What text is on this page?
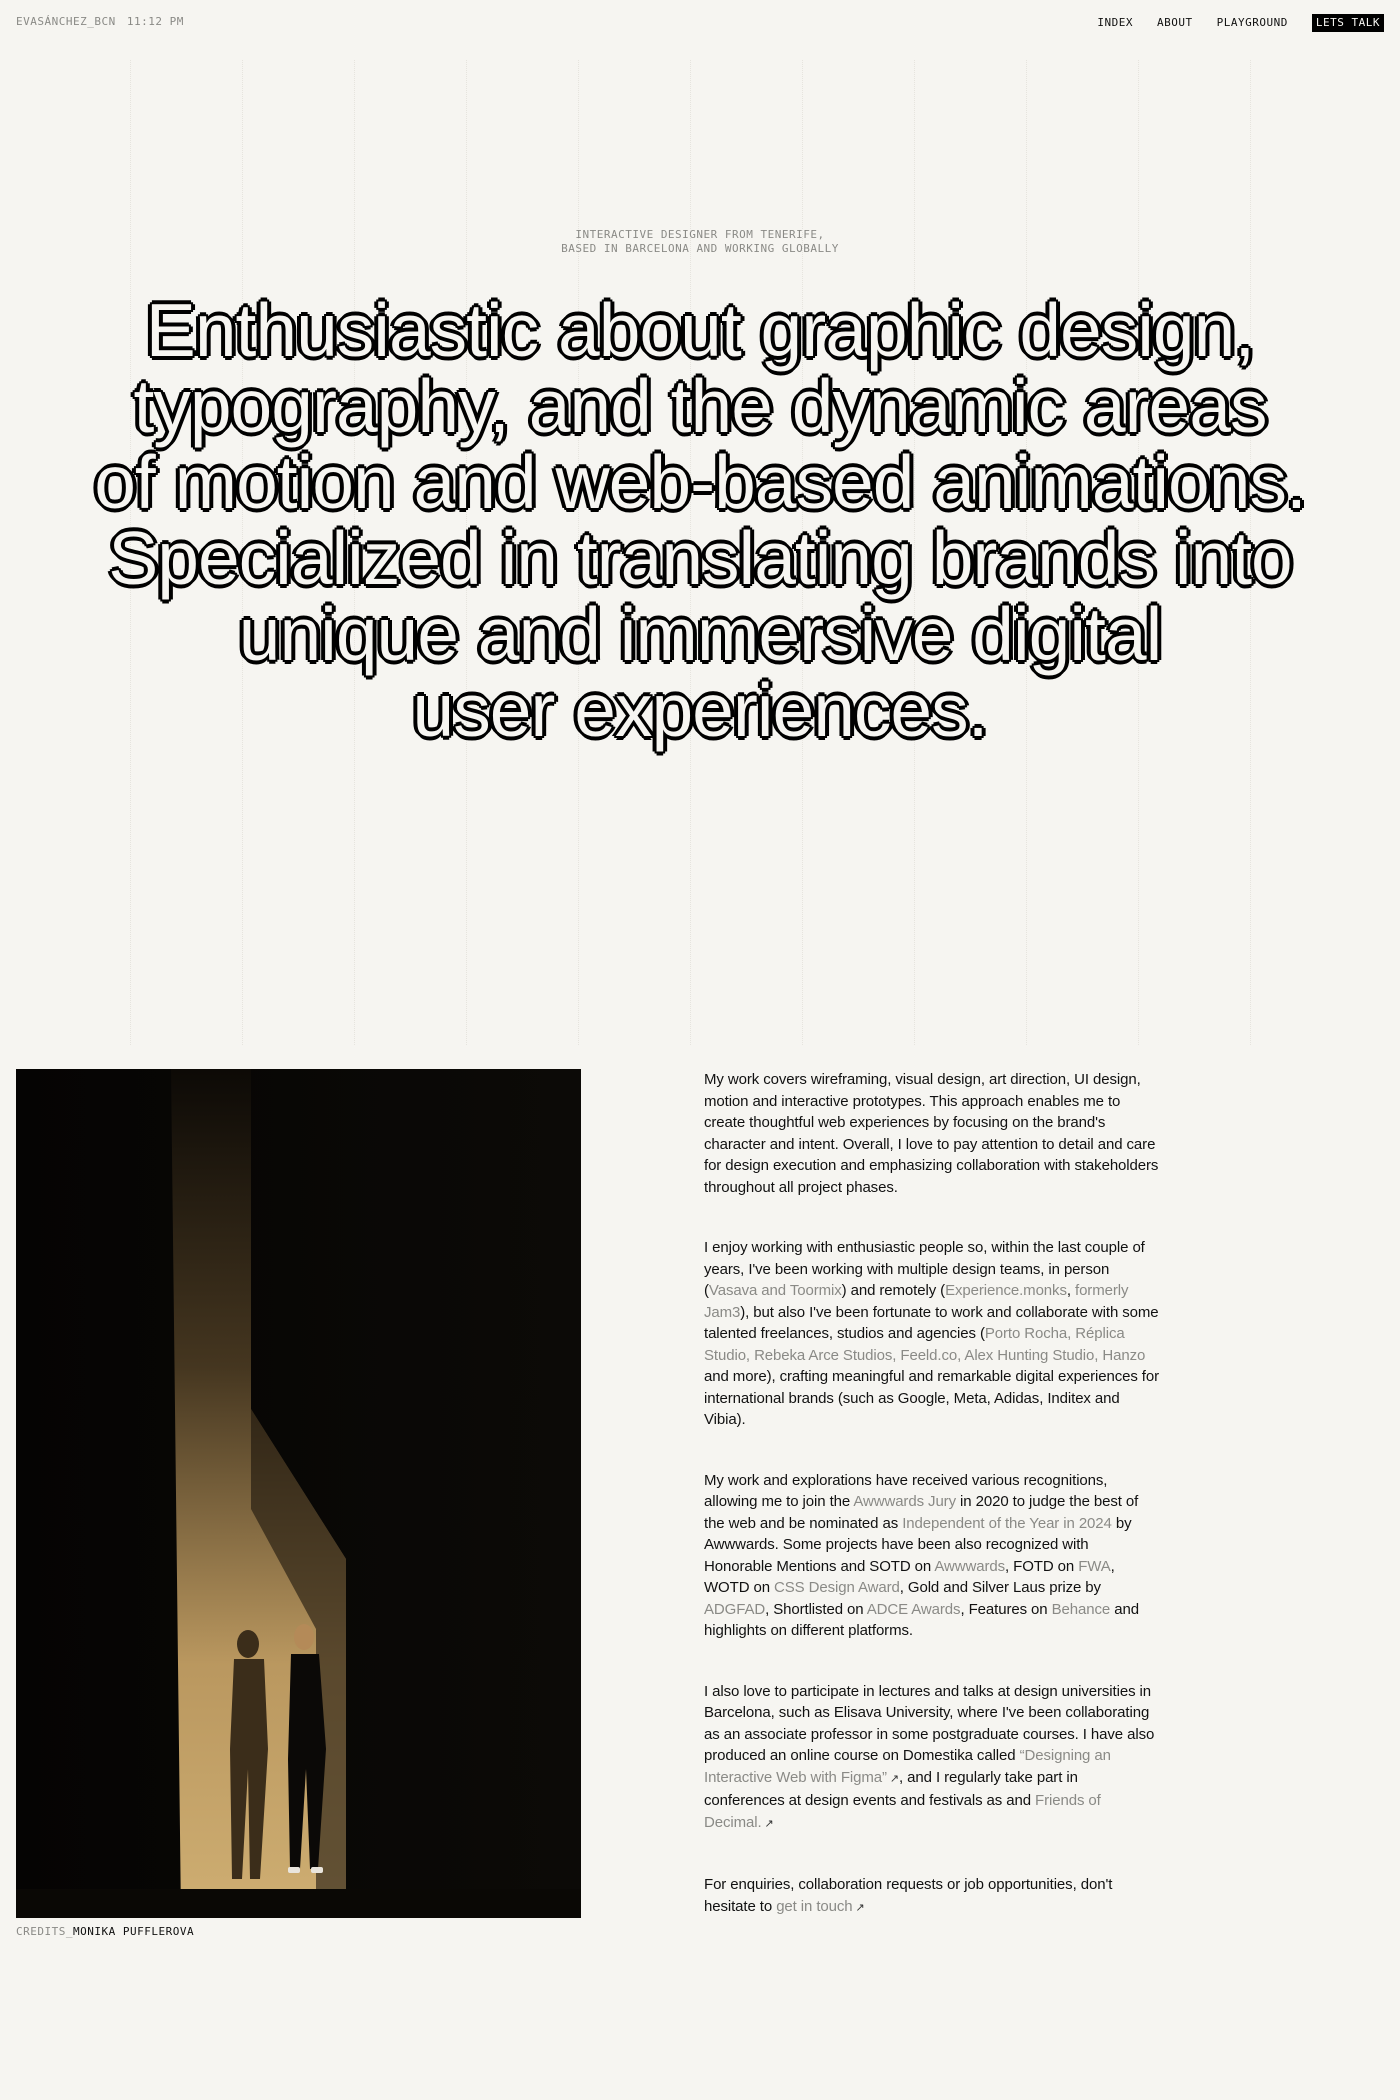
EVASÁNCHEZ_BCN 11:12 PM	INDEX ABOUT PLAYGROUND	LETS TALK
INTERACTIVE DESIGNER FROM TENERIFE,
BASED IN BARCELONA AND WORKING GLOBALLY
Enthusiastic about graphic design,
typography, and the dynamic areas
of motion and web-based animations.
Specialized in translating brands into
unique and immersive digital
user experiences.
CREDITS_MONIKA PUFFLEROVA

My work covers wireframing, visual design, art direction, UI design, motion and interactive prototypes. This approach enables me to create thoughtful web experiences by focusing on the brand's character and intent. Overall, I love to pay attention to detail and care for design execution and emphasizing collaboration with stakeholders throughout all project phases.

I enjoy working with enthusiastic people so, within the last couple of years, I've been working with multiple design teams, in person (Vasava and Toormix) and remotely (Experience.monks, formerly Jam3), but also I've been fortunate to work and collaborate with some talented freelances, studios and agencies (Porto Rocha, Réplica Studio, Rebeka Arce Studios, Feeld.co, Alex Hunting Studio, Hanzo and more), crafting meaningful and remarkable digital experiences for international brands (such as Google, Meta, Adidas, Inditex and Vibia).

My work and explorations have received various recognitions, allowing me to join the Awwwards Jury in 2020 to judge the best of the web and be nominated as Independent of the Year in 2024 by Awwwards. Some projects have been also recognized with Honorable Mentions and SOTD on Awwwards, FOTD on FWA, WOTD on CSS Design Award, Gold and Silver Laus prize by ADGFAD, Shortlisted on ADCE Awards, Features on Behance and highlights on different platforms.

I also love to participate in lectures and talks at design universities in Barcelona, such as Elisava University, where I've been collaborating as an associate professor in some postgraduate courses. I have also produced an online course on Domestika called “Designing an Interactive Web with Figma” ↗, and I regularly take part in conferences at design events and festivals as and Friends of Decimal. ↗

For enquiries, collaboration requests or job opportunities, don't hesitate to get in touch ↗
